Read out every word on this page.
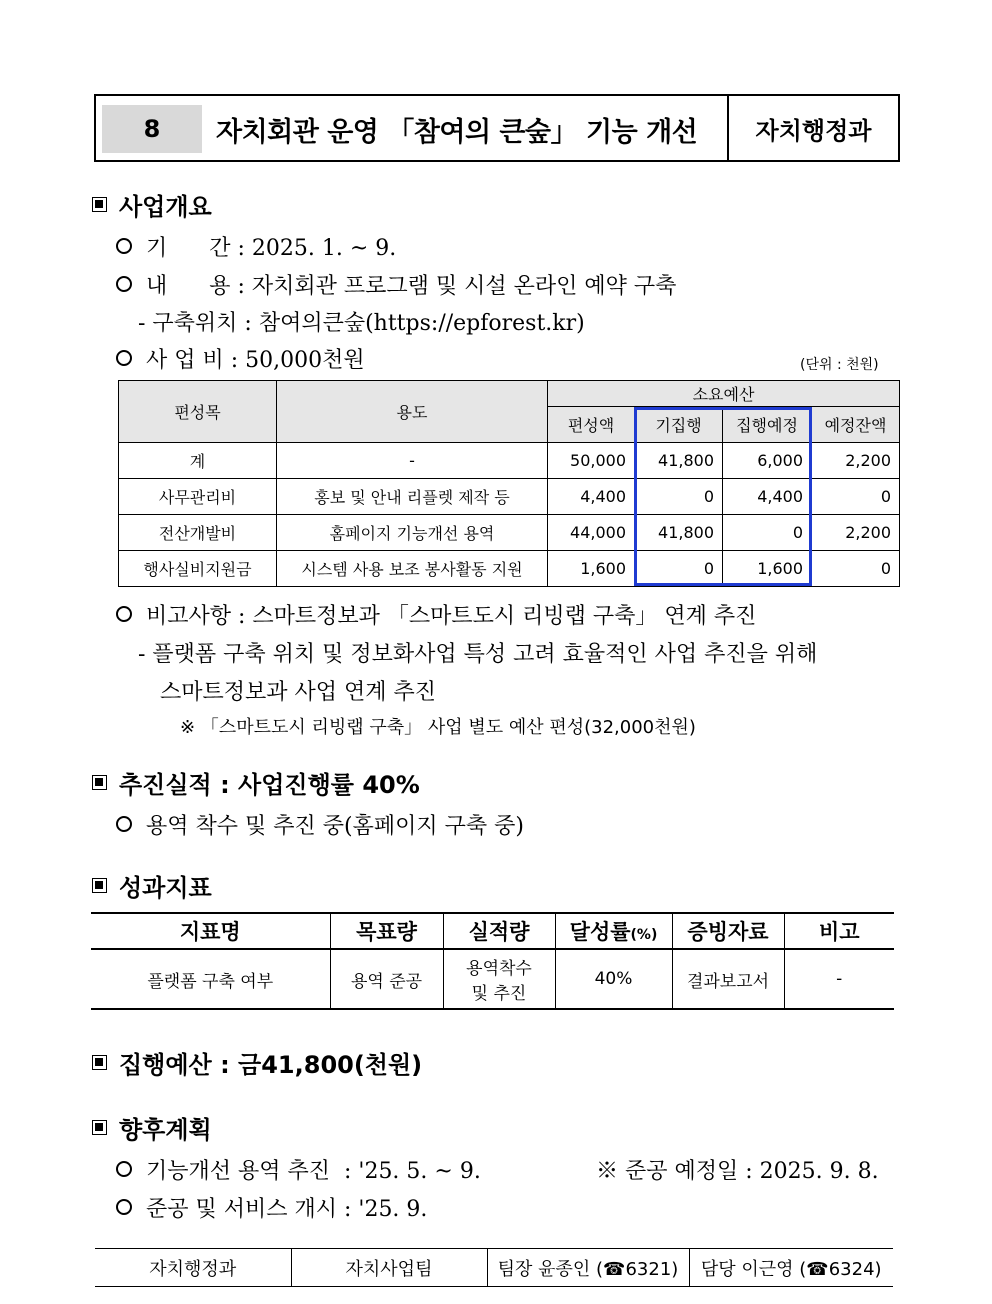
8	자치회관 운영 「참여의 큰숲」 기능 개선	자치행정과
사업개요
기      간 : 2025. 1. ~ 9.
내      용 : 자치회관 프로그램 및 시설 온라인 예약 구축
- 구축위치 : 참여의큰숲(https://epforest.kr)
사 업 비 : 50,000천원	(단위 : 천원)
편성목	용도	소요예산			
		편성액	기집행	집행예정	예정잔액
계	-	50,000	41,800	6,000	2,200
사무관리비	홍보 및 안내 리플렛 제작 등	4,400	0	4,400	0
전산개발비	홈페이지 기능개선 용역	44,000	41,800	0	2,200
행사실비지원금	시스템 사용 보조 봉사활동 지원	1,600	0	1,600	0
비고사항 : 스마트정보과 「스마트도시 리빙랩 구축」 연계 추진
- 플랫폼 구축 위치 및 정보화사업 특성 고려 효율적인 사업 추진을 위해
스마트정보과 사업 연계 추진
※ 「스마트도시 리빙랩 구축」 사업 별도 예산 편성(32,000천원)
추진실적 : 사업진행률 40%
용역 착수 및 추진 중(홈페이지 구축 중)
성과지표
지표명	목표량	실적량	달성률(%)	증빙자료	비고
플랫폼 구축 여부	용역 준공	용역착수
및 추진	40%	결과보고서	-
집행예산 : 금41,800(천원)
향후계획
기능개선 용역 추진  : '25. 5. ~ 9.	※ 준공 예정일 : 2025. 9. 8.
준공 및 서비스 개시 : '25. 9.
자치행정과	자치사업팀	팀장 윤종인 (☎6321)	담당 이근영 (☎6324)
